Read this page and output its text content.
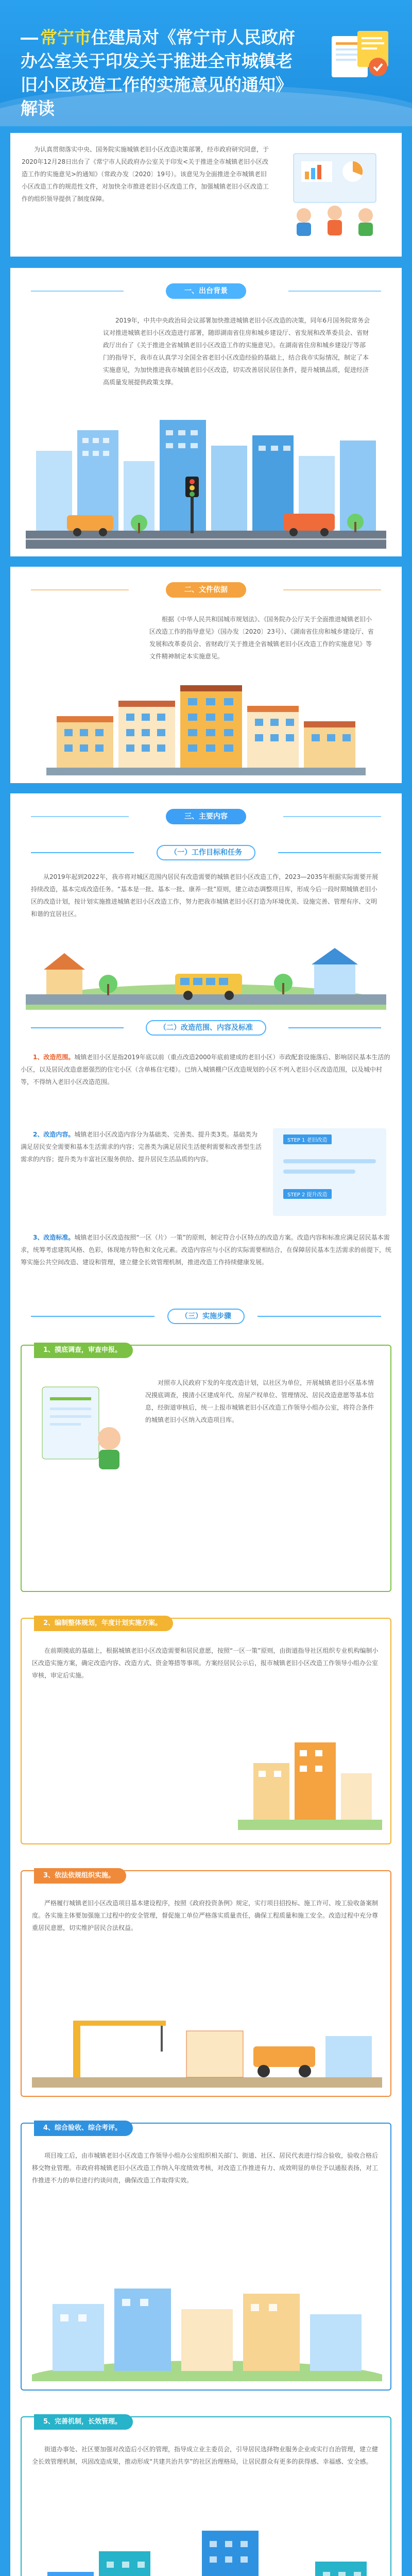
常宁市住建局对《常宁市人民政府办公室关于印发关于推进全市城镇老旧小区改造工作的实施意见的通知》解读

为认真贯彻落实中央、国务院实施城镇老旧小区改造决策部署，经市政府研究同意，于2020年12月28日出台了《常宁市人民政府办公室关于印发<关于推进全市城镇老旧小区改造工作的实施意见>的通知》（常政办发〔2020〕19号）。该意见为全面推进全市城镇老旧小区改造工作的规范性文件，对加快全市推进老旧小区改造工作，加强城镇老旧小区改造工作的组织领导提供了制度保障。

一、出台背景

2019年，中共中央政治局会议部署加快推进城镇老旧小区改造的决策，同年6月国务院常务会议对推进城镇老旧小区改造进行部署，随即湖南省住房和城乡建设厅、省发展和改革委员会、省财政厅出台了《关于推进全省城镇老旧小区改造工作的实施意见》。在湖南省住房和城乡建设厅等部门的指导下，我市在认真学习全国全省老旧小区改造经验的基础上，结合我市实际情况，制定了本实施意见，为加快推进我市城镇老旧小区改造，切实改善居民居住条件，提升城镇品质，促进经济高质量发展提供政策支撑。

二、文件依据

根据《中华人民共和国城市规划法》、《国务院办公厅关于全面推进城镇老旧小区改造工作的指导意见》（国办发〔2020〕23号）、《湖南省住房和城乡建设厅、省发展和改革委员会、省财政厅关于推进全省城镇老旧小区改造工作的实施意见》等文件精神制定本实施意见。

三、主要内容
（一）工作目标和任务

从2019年起到2022年，我市将对城区范围内居民有改造需要的城镇老旧小区改造工作，2023—2035年根据实际需要开展持续改造，基本完成改造任务。“基本是一批、基本一批、康养一批”原则，建立动态调整项目库，形成今后一段时期城镇老旧小区的改造计划，按计划实施推进城镇老旧小区改造工作，努力把我市城镇老旧小区打造为环境优美、设施完善、管理有序、文明和谐的宜居社区。

（二）改造范围、内容及标准

1、改造范围。城镇老旧小区是指2019年底以前（重点改造2000年底前建成的老旧小区）市政配套设施落后、影响居民基本生活的小区，以及居民改造意愿强烈的住宅小区（含单栋住宅楼）。已纳入城镇棚户区改造规划的小区不列入老旧小区改造范围，以及城中村等，不得纳入老旧小区改造范围。

2、改造内容。城镇老旧小区改造内容分为基础类、完善类、提升类3类。基础类为满足居民安全需要和基本生活需求的内容；完善类为满足居民生活便利需要和改善型生活需求的内容；提升类为丰富社区服务供给、提升居民生活品质的内容。

STEP 1 老旧改造
STEP 2 提升改造

3、改造标准。城镇老旧小区改造按照“一区（片）一策”的原则，制定符合小区特点的改造方案。改造内容和标准应满足居民基本需求，统筹考虑建筑风格、色彩，体现地方特色和文化元素。改造内容应与小区的实际需要相结合，在保障居民基本生活需求的前提下，统筹实施公共空间改造、建设和管理，建立健全长效管理机制，推进改造工作持续健康发展。

（三）实施步骤
1、摸底调查，审查申报。

对照市人民政府下发的年度改造计划，以社区为单位，开展城镇老旧小区基本情况摸底调查，摸清小区建成年代、房屋产权单位、管理情况、居民改造意愿等基本信息，经街道审核后，统一上报市城镇老旧小区改造工作领导小组办公室，将符合条件的城镇老旧小区纳入改造项目库。

2、编制整体规划，年度计划实施方案。

在前期摸底的基础上，根据城镇老旧小区改造需要和居民意愿，按照“一区一策”原则，由街道指导社区组织专业机构编制小区改造实施方案，确定改造内容、改造方式、资金筹措等事项。方案经居民公示后，报市城镇老旧小区改造工作领导小组办公室审核，审定后实施。

3、依法依规组织实施。

严格履行城镇老旧小区改造项目基本建设程序，按照《政府投资条例》规定，实行项目招投标、施工许可、竣工验收备案制度。各实施主体要加强施工过程中的安全管理，督促施工单位严格落实质量责任，确保工程质量和施工安全。改造过程中充分尊重居民意愿，切实维护居民合法权益。

4、综合验收、综合考评。

项目竣工后，由市城镇老旧小区改造工作领导小组办公室组织相关部门、街道、社区、居民代表进行综合验收，验收合格后移交物业管理。市政府将城镇老旧小区改造工作纳入年度绩效考核，对改造工作推进有力、成效明显的单位予以通报表扬，对工作推进不力的单位进行约谈问责，确保改造工作取得实效。

5、完善机制，长效管理。

街道办事处、社区要加强对改造后小区的管理，指导成立业主委员会，引导居民选择物业服务企业或实行自治管理，建立健全长效管理机制，巩固改造成果，推动形成“共建共治共享”的社区治理格局，让居民群众有更多的获得感、幸福感、安全感。
